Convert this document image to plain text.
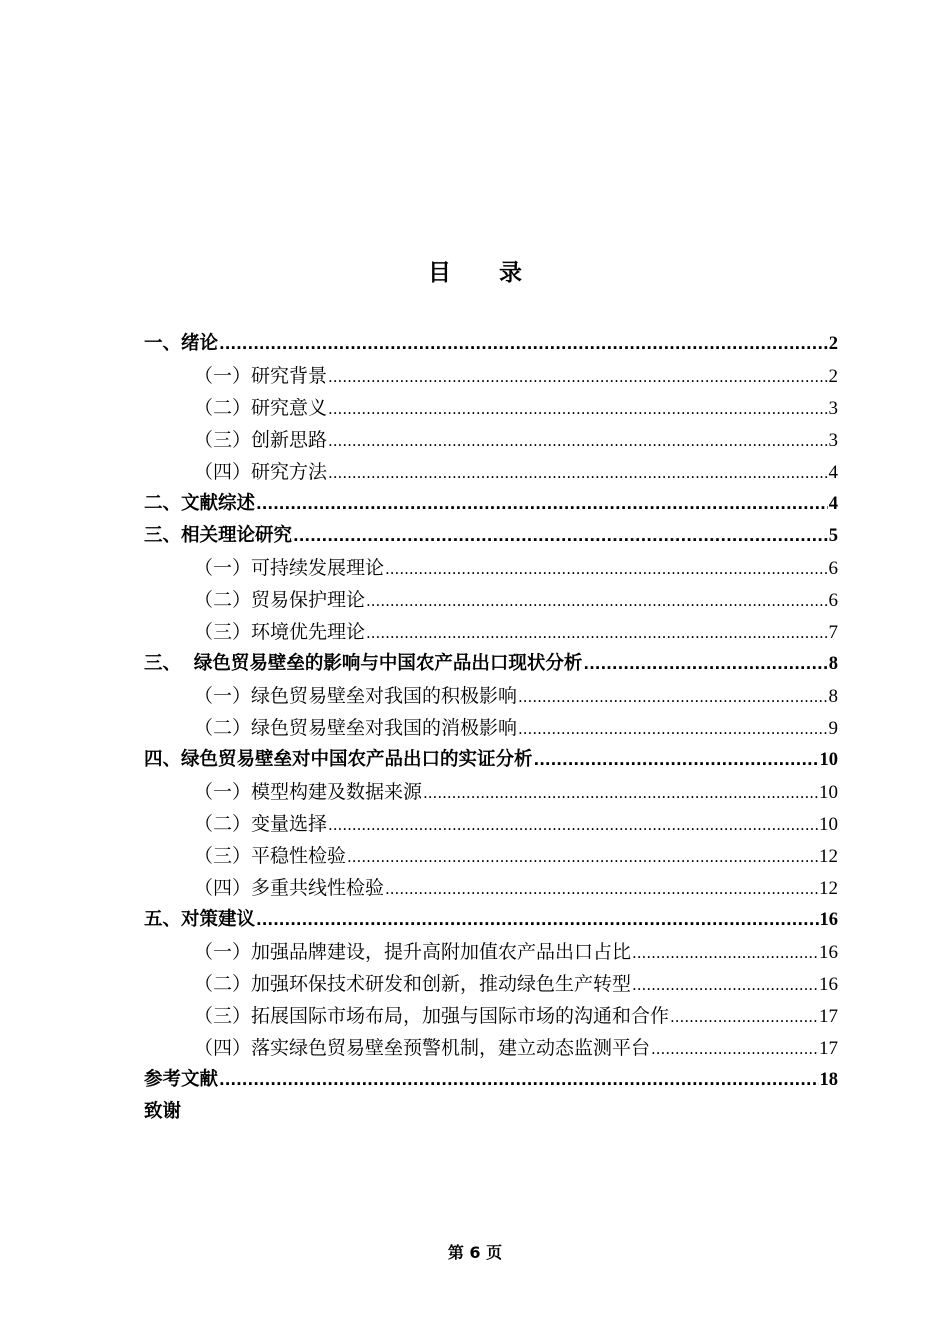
目 录
一、绪论 .....	2
（一）研究背景 .....	2
（二）研究意义 .....	3
（三）创新思路 .....	3
（四）研究方法 .....	4
二、文献综述 .....	4
三、相关理论研究 .....	5
（一）可持续发展理论 .....	6
（二）贸易保护理论 .....	6
（三）环境优先理论 .....	7
三、  绿色贸易壁垒的影响与中国农产品出口现状分析 .....	8
（一）绿色贸易壁垒对我国的积极影响 .....	8
（二）绿色贸易壁垒对我国的消极影响 .....	9
四、绿色贸易壁垒对中国农产品出口的实证分析 .....	10
（一）模型构建及数据来源 .....	10
（二）变量选择 .....	10
（三）平稳性检验 .....	12
（四）多重共线性检验 .....	12
五、对策建议 .....	16
（一）加强品牌建设，提升高附加值农产品出口占比 .....	16
（二）加强环保技术研发和创新，推动绿色生产转型 .....	16
（三）拓展国际市场布局，加强与国际市场的沟通和合作 .....	17
（四）落实绿色贸易壁垒预警机制，建立动态监测平台 .....	17
参考文献 .....	18
致谢
第 6 页
